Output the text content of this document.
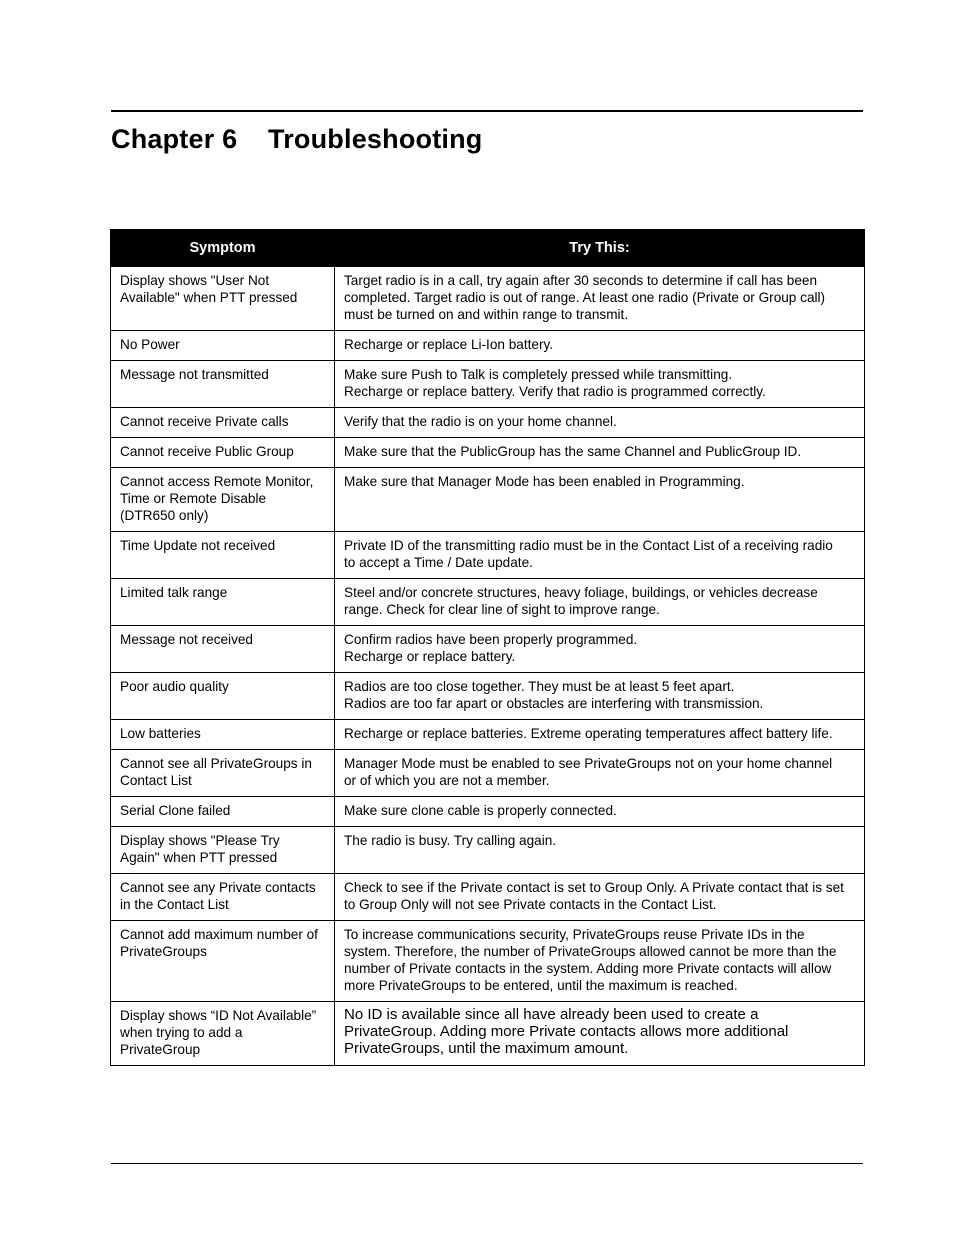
Chapter 6 Troubleshooting
Symptom	Try This:
Display shows "User Not
Available" when PTT pressed	Target radio is in a call, try again after 30 seconds to determine if call has been
completed. Target radio is out of range. At least one radio (Private or Group call)
must be turned on and within range to transmit.
No Power	Recharge or replace Li-Ion battery.
Message not transmitted	Make sure Push to Talk is completely pressed while transmitting.
Recharge or replace battery. Verify that radio is programmed correctly.
Cannot receive Private calls	Verify that the radio is on your home channel.
Cannot receive Public Group	Make sure that the PublicGroup has the same Channel and PublicGroup ID.
Cannot access Remote Monitor,
Time or Remote Disable
(DTR650 only)	Make sure that Manager Mode has been enabled in Programming.
Time Update not received	Private ID of the transmitting radio must be in the Contact List of a receiving radio
to accept a Time / Date update.
Limited talk range	Steel and/or concrete structures, heavy foliage, buildings, or vehicles decrease
range. Check for clear line of sight to improve range.
Message not received	Confirm radios have been properly programmed.
Recharge or replace battery.
Poor audio quality	Radios are too close together. They must be at least 5 feet apart.
Radios are too far apart or obstacles are interfering with transmission.
Low batteries	Recharge or replace batteries. Extreme operating temperatures affect battery life.
Cannot see all PrivateGroups in
Contact List	Manager Mode must be enabled to see PrivateGroups not on your home channel
or of which you are not a member.
Serial Clone failed	Make sure clone cable is properly connected.
Display shows "Please Try
Again" when PTT pressed	The radio is busy. Try calling again.
Cannot see any Private contacts
in the Contact List	Check to see if the Private contact is set to Group Only. A Private contact that is set
to Group Only will not see Private contacts in the Contact List.
Cannot add maximum number of
PrivateGroups	To increase communications security, PrivateGroups reuse Private IDs in the
system. Therefore, the number of PrivateGroups allowed cannot be more than the
number of Private contacts in the system. Adding more Private contacts will allow
more PrivateGroups to be entered, until the maximum is reached.
Display shows “ID Not Available”
when trying to add a
PrivateGroup	No ID is available since all have already been used to create a
PrivateGroup. Adding more Private contacts allows more additional
PrivateGroups, until the maximum amount.
